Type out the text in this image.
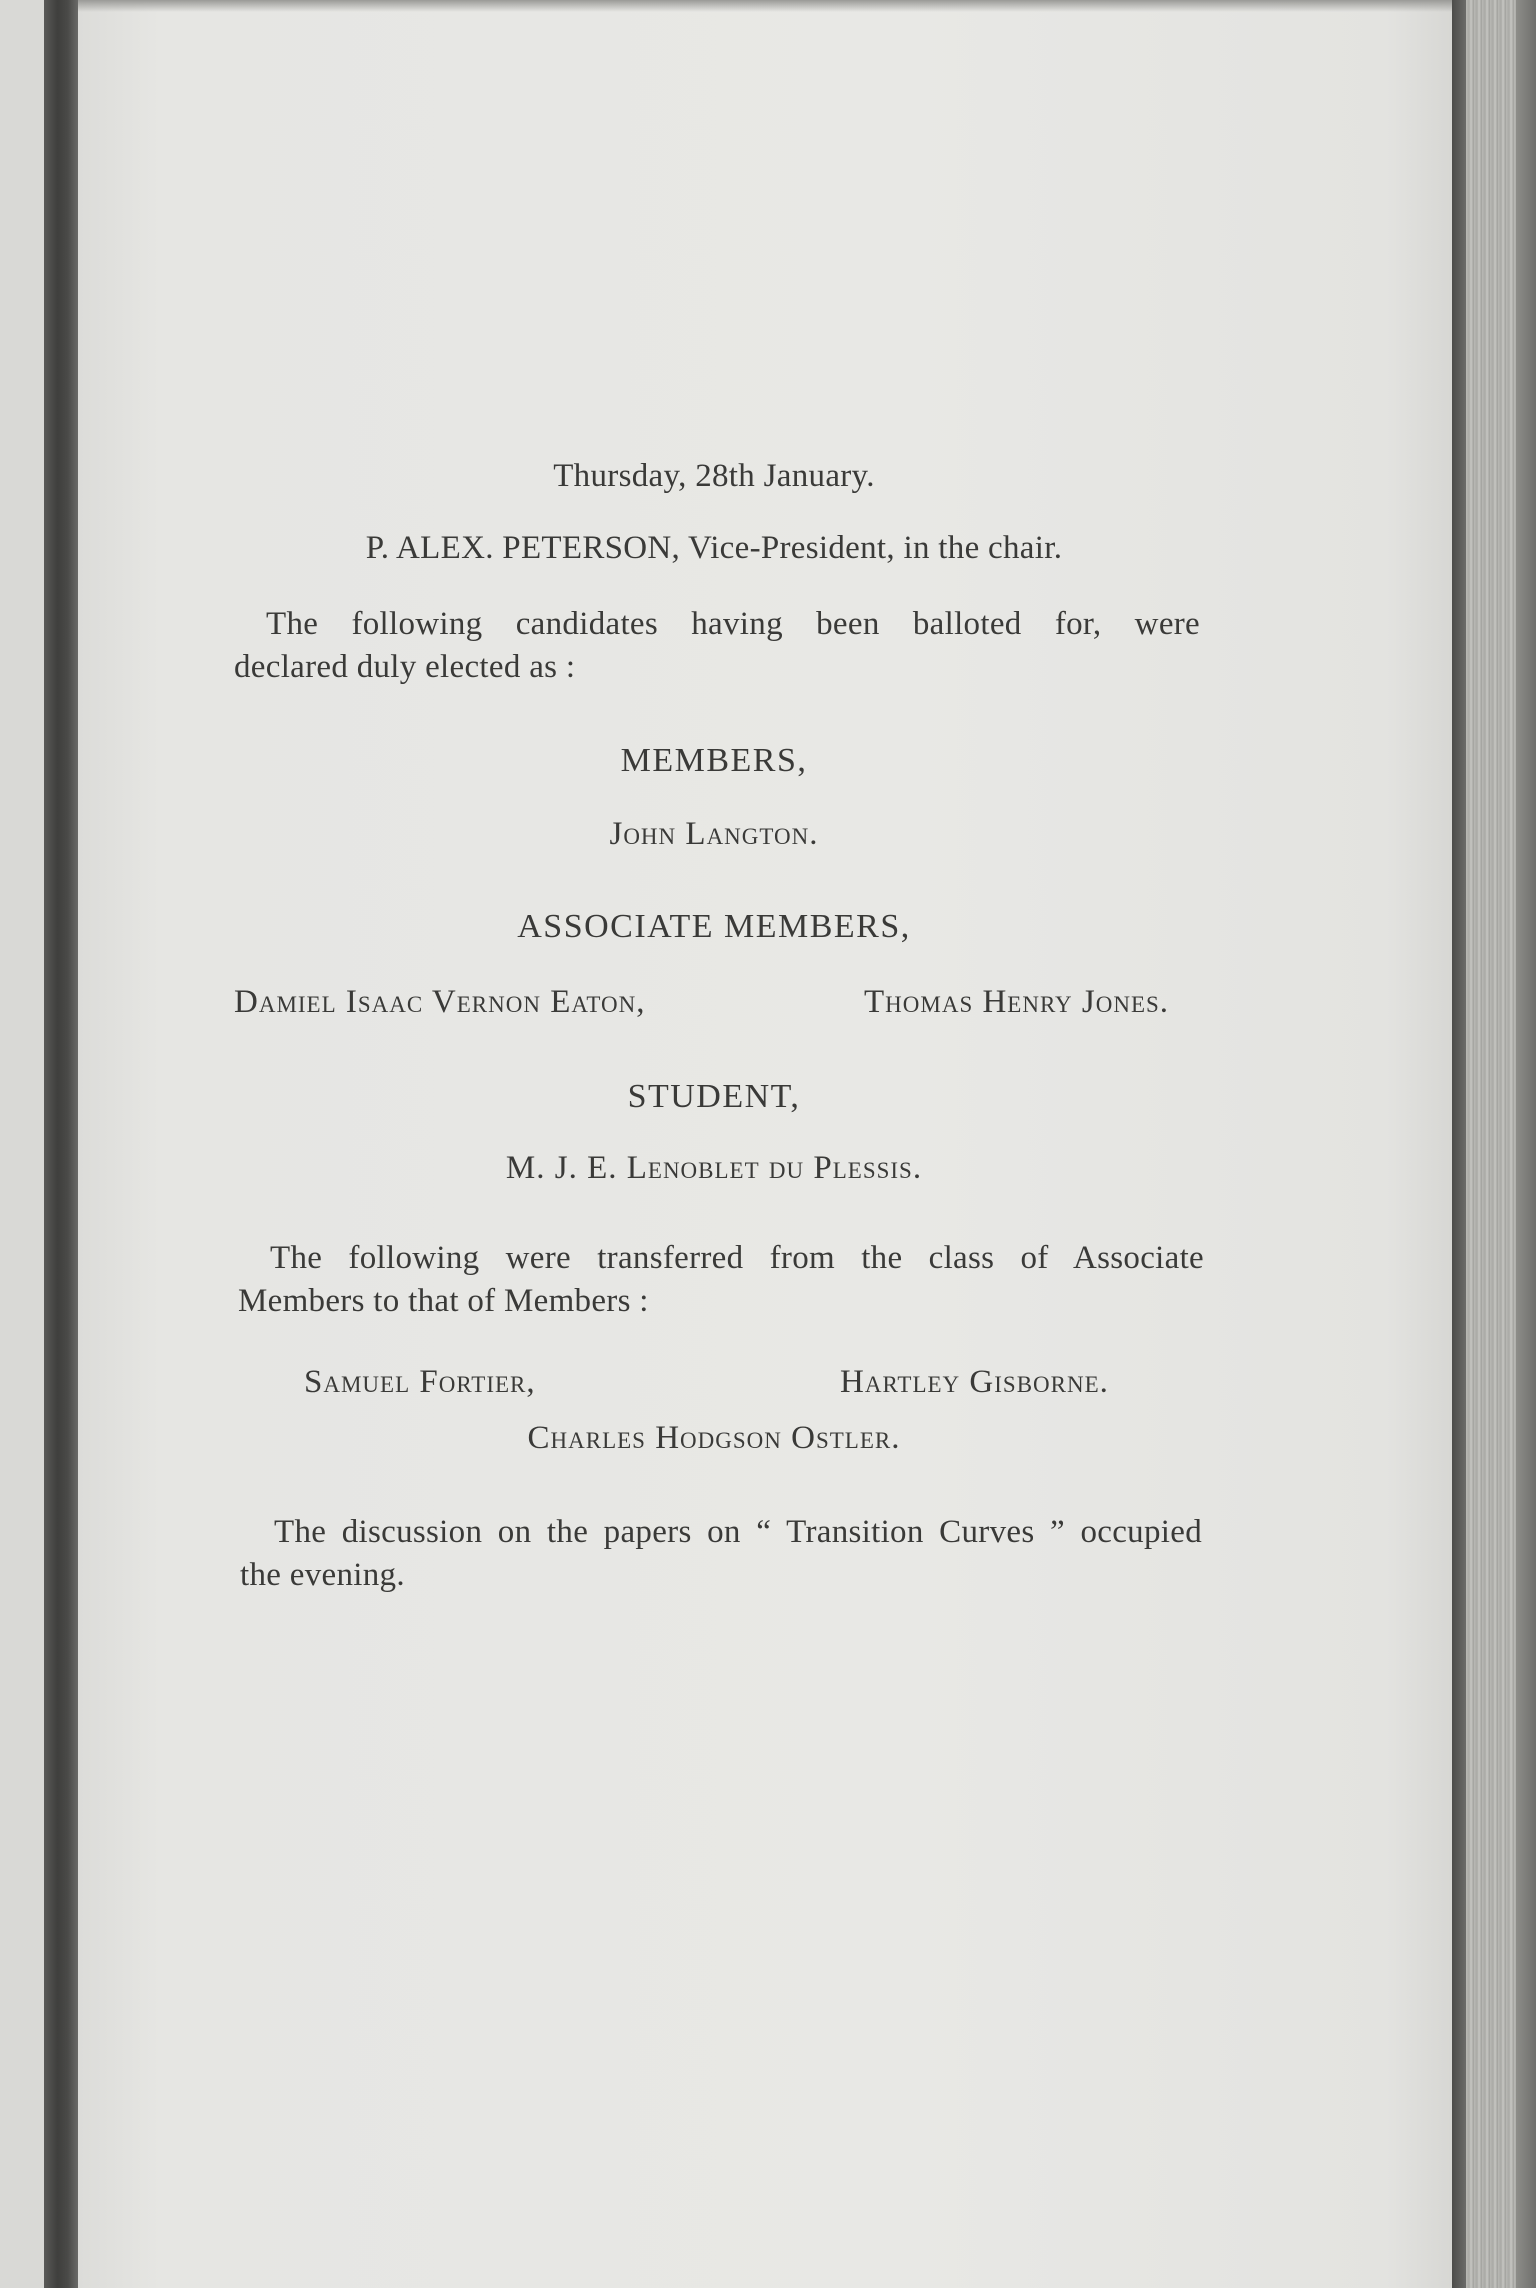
Thursday, 28th January.
P. ALEX. PETERSON, Vice-President, in the chair.
The following candidates having been balloted for, were
declared duly elected as :
MEMBERS,
John Langton.
ASSOCIATE MEMBERS,
Damiel Isaac Vernon Eaton,	Thomas Henry Jones.
STUDENT,
M. J. E. Lenoblet du Plessis.
The following were transferred from the class of Associate
Members to that of Members :
Samuel Fortier,	Hartley Gisborne.
Charles Hodgson Ostler.
The discussion on the papers on “ Transition Curves ” occupied
the evening.
